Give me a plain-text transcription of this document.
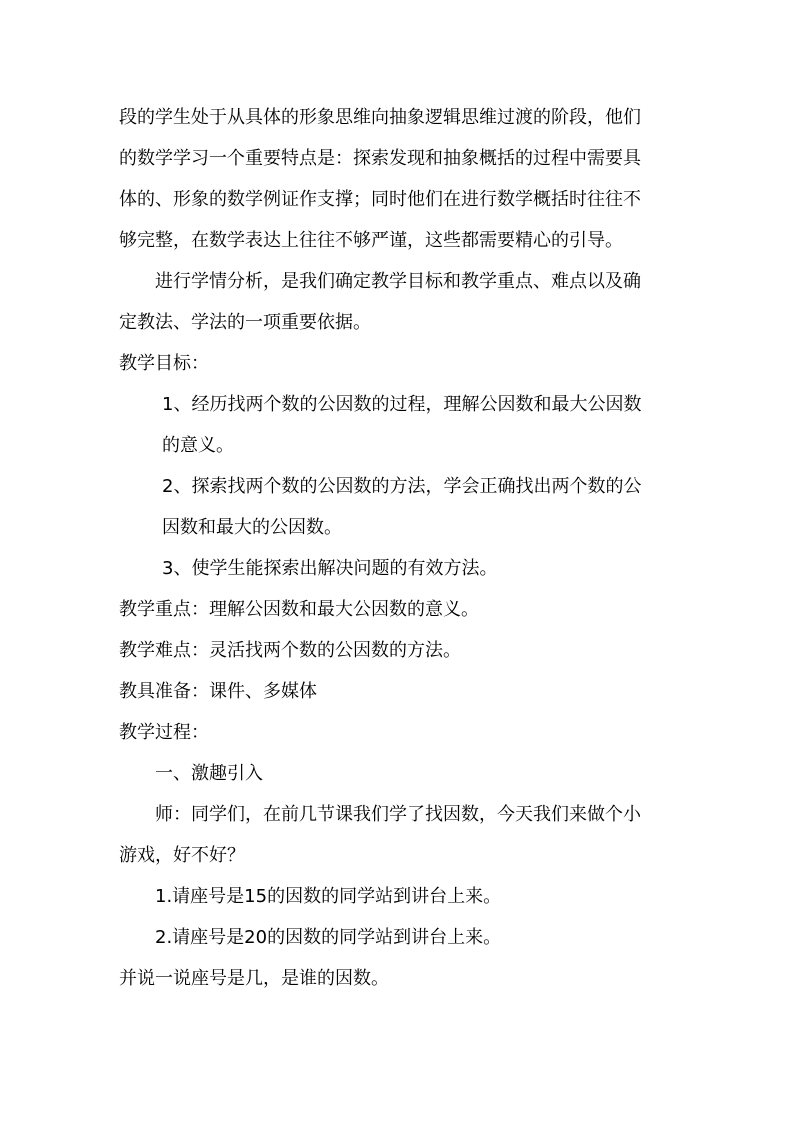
段的学生处于从具体的形象思维向抽象逻辑思维过渡的阶段，他们

的数学学习一个重要特点是：探索发现和抽象概括的过程中需要具

体的、形象的数学例证作支撑；同时他们在进行数学概括时往往不

够完整，在数学表达上往往不够严谨，这些都需要精心的引导。

进行学情分析，是我们确定教学目标和教学重点、难点以及确

定教法、学法的一项重要依据。

教学目标：

1、经历找两个数的公因数的过程，理解公因数和最大公因数

的意义。

2、探索找两个数的公因数的方法，学会正确找出两个数的公

因数和最大的公因数。

3、使学生能探索出解决问题的有效方法。

教学重点：理解公因数和最大公因数的意义。

教学难点：灵活找两个数的公因数的方法。

教具准备：课件、多媒体

教学过程：

一、激趣引入

师：同学们，在前几节课我们学了找因数，今天我们来做个小

游戏，好不好？

1.请座号是15的因数的同学站到讲台上来。

2.请座号是20的因数的同学站到讲台上来。

并说一说座号是几，是谁的因数。
